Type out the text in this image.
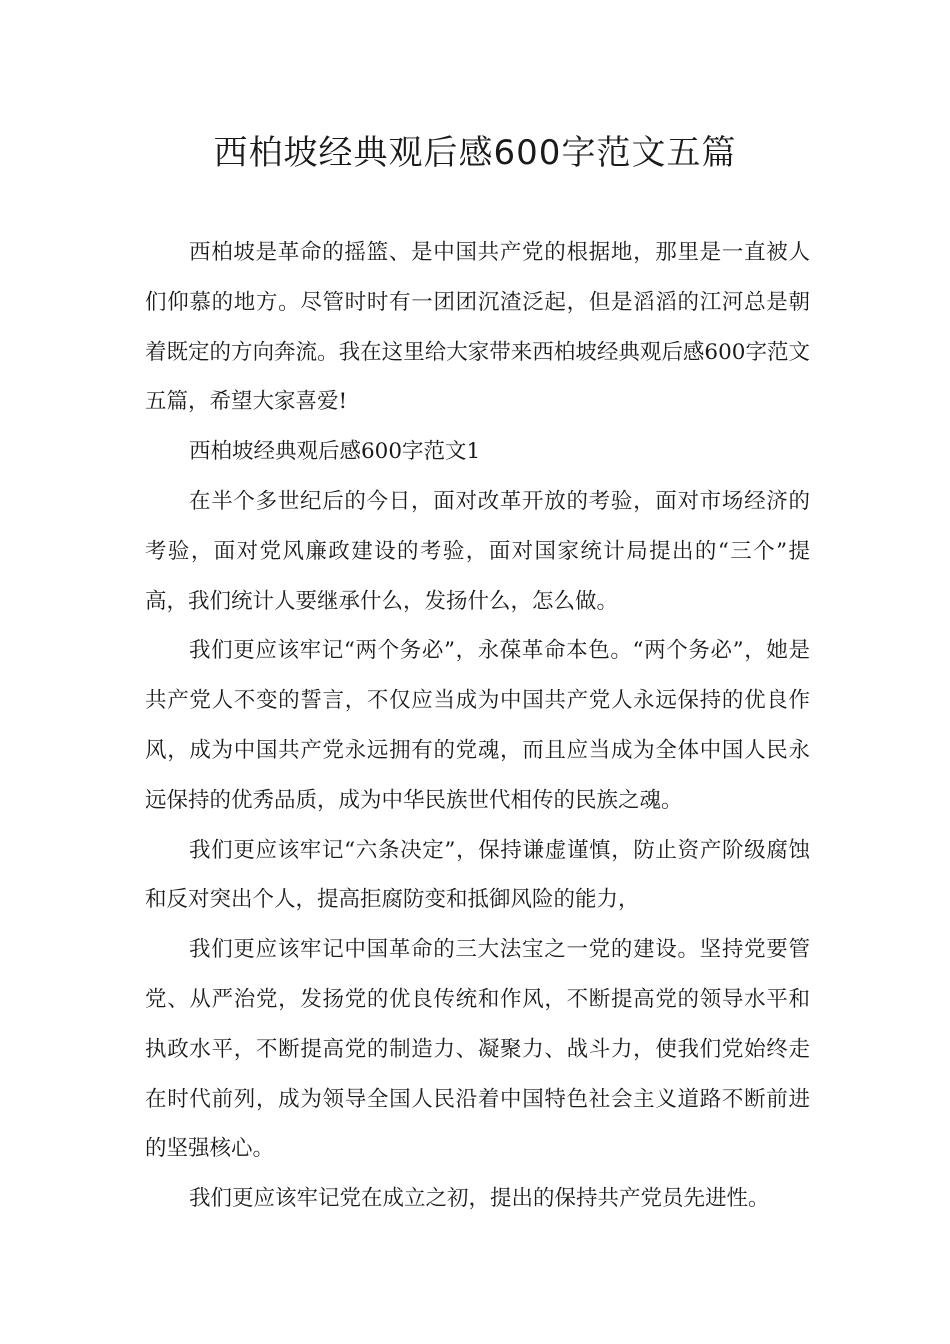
西柏坡经典观后感600字范文五篇

西柏坡是革命的摇篮、是中国共产党的根据地，那里是一直被人们仰慕的地方。尽管时时有一团团沉渣泛起，但是滔滔的江河总是朝着既定的方向奔流。我在这里给大家带来西柏坡经典观后感600字范文五篇，希望大家喜爱!

西柏坡经典观后感600字范文1

在半个多世纪后的今日，面对改革开放的考验，面对市场经济的考验，面对党风廉政建设的考验，面对国家统计局提出的“三个”提高，我们统计人要继承什么，发扬什么，怎么做。

我们更应该牢记“两个务必”，永葆革命本色。“两个务必”，她是共产党人不变的誓言，不仅应当成为中国共产党人永远保持的优良作风，成为中国共产党永远拥有的党魂，而且应当成为全体中国人民永远保持的优秀品质，成为中华民族世代相传的民族之魂。

我们更应该牢记“六条决定”，保持谦虚谨慎，防止资产阶级腐蚀和反对突出个人，提高拒腐防变和抵御风险的能力，

我们更应该牢记中国革命的三大法宝之一党的建设。坚持党要管党、从严治党，发扬党的优良传统和作风，不断提高党的领导水平和执政水平，不断提高党的制造力、凝聚力、战斗力，使我们党始终走在时代前列，成为领导全国人民沿着中国特色社会主义道路不断前进的坚强核心。

我们更应该牢记党在成立之初，提出的保持共产党员先进性。
